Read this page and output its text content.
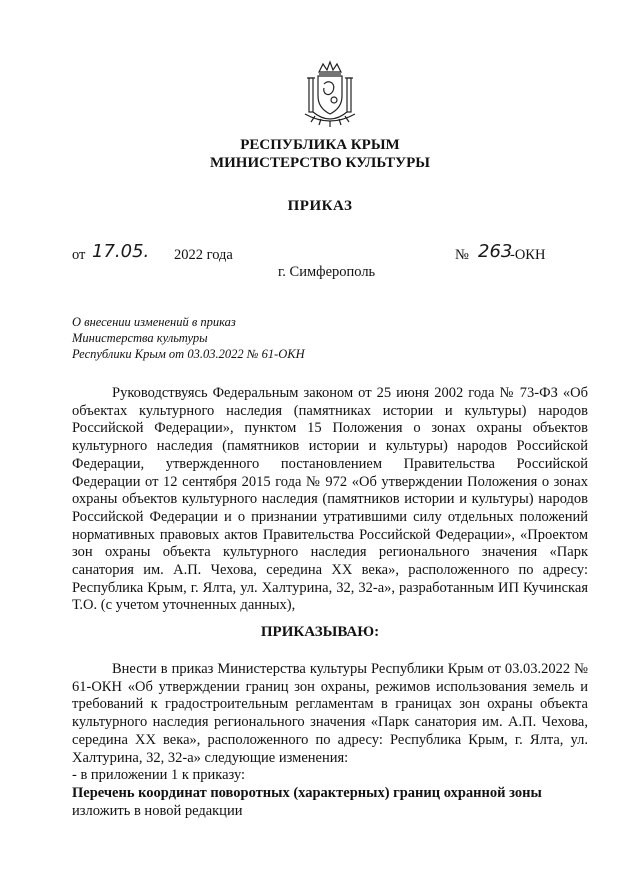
РЕСПУБЛИКА КРЫМ
МИНИСТЕРСТВО КУЛЬТУРЫ
ПРИКАЗ
от 17.05. 2022 года	№ 263
-ОКН
г. Симферополь
О внесении изменений в приказ
Министерства культуры
Республики Крым от 03.03.2022 № 61-ОКН

Руководствуясь Федеральным законом от 25 июня 2002 года № 73-ФЗ «Об объектах культурного наследия (памятниках истории и культуры) народов Российской Федерации», пунктом 15 Положения о зонах охраны объектов культурного наследия (памятников истории и культуры) народов Российской Федерации, утвержденного постановлением Правительства Российской Федерации от 12 сентября 2015 года № 972 «Об утверждении Положения о зонах охраны объектов культурного наследия (памятников истории и культуры) народов Российской Федерации и о признании утратившими силу отдельных положений нормативных правовых актов Правительства Российской Федерации», «Проектом зон охраны объекта культурного наследия регионального значения «Парк санатория им. А.П. Чехова, середина XX века», расположенного по адресу: Республика Крым, г. Ялта, ул. Халтурина, 32, 32-а», разработанным ИП Кучинская Т.О. (с учетом уточненных данных),

ПРИКАЗЫВАЮ:

Внести в приказ Министерства культуры Республики Крым от 03.03.2022 № 61-ОКН «Об утверждении границ зон охраны, режимов использования земель и требований к градостроительным регламентам в границах зон охраны объекта культурного наследия регионального значения «Парк санатория им. А.П. Чехова, середина XX века», расположенного по адресу: Республика Крым, г. Ялта, ул. Халтурина, 32, 32-а» следующие изменения:

- в приложении 1 к приказу:

Перечень координат поворотных (характерных) границ охранной зоны

изложить в новой редакции
